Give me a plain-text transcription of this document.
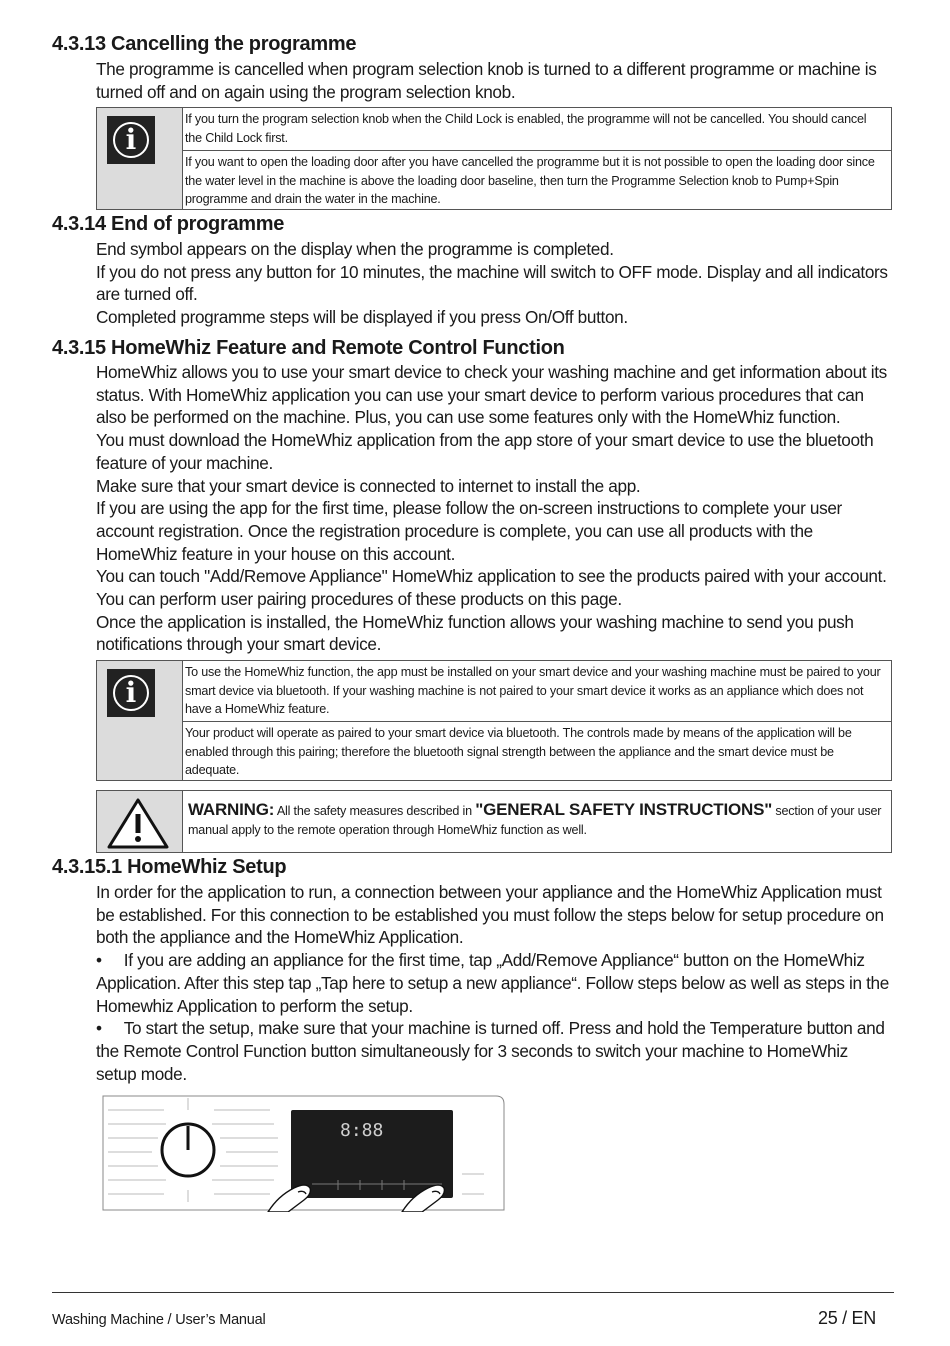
4.3.13 Cancelling the programme

The programme is cancelled when program selection knob is turned to a different programme or machine is turned off and on again using the program selection knob.

i
If you turn the program selection knob when the Child Lock is enabled, the programme will not be cancelled. You should cancel the Child Lock first.
If you want to open the loading door after you have cancelled the programme but it is not possible to open the loading door since the water level in the machine is above the loading door baseline, then turn the Programme Selection knob to Pump+Spin programme and drain the water in the machine.
4.3.14 End of programme

End symbol appears on the display when the programme is completed.

If you do not press any button for 10 minutes, the machine will switch to OFF mode. Display and all indicators are turned off.

Completed programme steps will be displayed if you press On/Off button.

4.3.15 HomeWhiz Feature and Remote Control Function

HomeWhiz allows you to use your smart device to check your washing machine and get information about its status. With HomeWhiz application you can use your smart device to perform various procedures that can also be performed on the machine. Plus, you can use some features only with the HomeWhiz function.

You must download the HomeWhiz application from the app store of your smart device to use the bluetooth feature of your machine.

Make sure that your smart device is connected to internet to install the app.

If you are using the app for the first time, please follow the on-screen instructions to complete your user account registration. Once the registration procedure is complete, you can use all products with the HomeWhiz feature in your house on this account.

You can touch "Add/Remove Appliance" HomeWhiz application to see the products paired with your account. You can perform user pairing procedures of these products on this page.

Once the application is installed, the HomeWhiz function allows your washing machine to send you push notifications through your smart device.

i
To use the HomeWhiz function, the app must be installed on your smart device and your washing machine must be paired to your smart device via bluetooth. If your washing machine is not paired to your smart device it works as an appliance which does not have a HomeWhiz feature.
Your product will operate as paired to your smart device via bluetooth. The controls made by means of the application will be enabled through this pairing; therefore the bluetooth signal strength between the appliance and the smart device must be adequate.
WARNING: All the safety measures described in "GENERAL SAFETY INSTRUCTIONS" section of your user manual apply to the remote operation through HomeWhiz function as well.
4.3.15.1 HomeWhiz Setup

In order for the application to run, a connection between your appliance and the HomeWhiz Application must be established. For this connection to be established you must follow the steps below for setup procedure on both the appliance and the HomeWhiz Application.

•     If you are adding an appliance for the first time, tap „Add/Remove Appliance“ button on the HomeWhiz Application. After this step tap „Tap here to setup a new appliance“. Follow steps below as well as steps in the Homewhiz Application to perform the setup.

•     To start the setup, make sure that your machine is turned off. Press and hold the Temperature button and the Remote Control Function button simultaneously for 3 seconds to switch your machine to HomeWhiz setup mode.

8:88
Washing Machine / User’s Manual	25 / EN
